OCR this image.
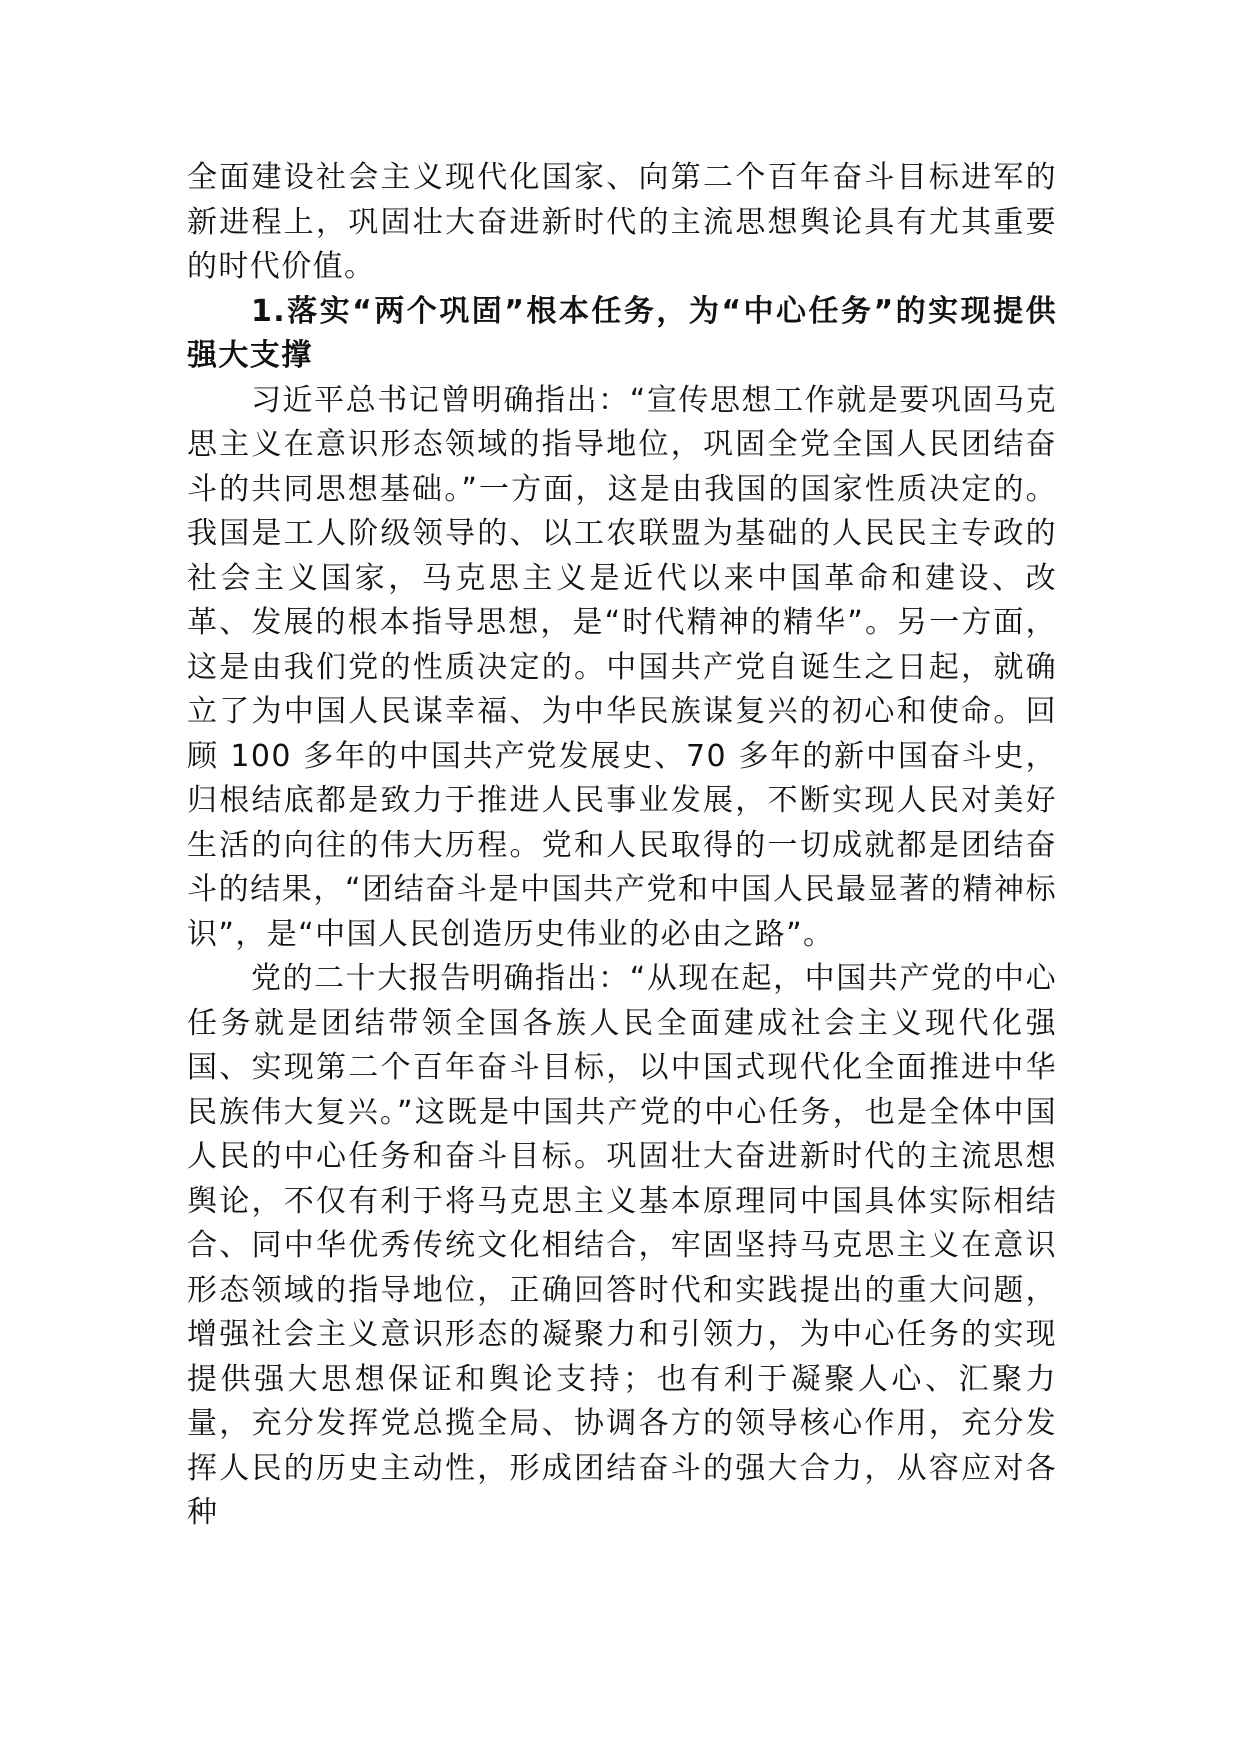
全面建设社会主义现代化国家、向第二个百年奋斗目标进军的新进程上，巩固壮大奋进新时代的主流思想舆论具有尤其重要的时代价值。

1.落实“两个巩固”根本任务，为“中心任务”的实现提供强大支撑

习近平总书记曾明确指出：“宣传思想工作就是要巩固马克思主义在意识形态领域的指导地位，巩固全党全国人民团结奋斗的共同思想基础。”一方面，这是由我国的国家性质决定的。我国是工人阶级领导的、以工农联盟为基础的人民民主专政的社会主义国家，马克思主义是近代以来中国革命和建设、改革、发展的根本指导思想，是“时代精神的精华”。另一方面，这是由我们党的性质决定的。中国共产党自诞生之日起，就确立了为中国人民谋幸福、为中华民族谋复兴的初心和使命。回顾 100 多年的中国共产党发展史、70 多年的新中国奋斗史，归根结底都是致力于推进人民事业发展，不断实现人民对美好生活的向往的伟大历程。党和人民取得的一切成就都是团结奋斗的结果，“团结奋斗是中国共产党和中国人民最显著的精神标识”，是“中国人民创造历史伟业的必由之路”。

党的二十大报告明确指出：“从现在起，中国共产党的中心任务就是团结带领全国各族人民全面建成社会主义现代化强国、实现第二个百年奋斗目标，以中国式现代化全面推进中华民族伟大复兴。”这既是中国共产党的中心任务，也是全体中国人民的中心任务和奋斗目标。巩固壮大奋进新时代的主流思想舆论，不仅有利于将马克思主义基本原理同中国具体实际相结合、同中华优秀传统文化相结合，牢固坚持马克思主义在意识形态领域的指导地位，正确回答时代和实践提出的重大问题，增强社会主义意识形态的凝聚力和引领力，为中心任务的实现提供强大思想保证和舆论支持；也有利于凝聚人心、汇聚力量，充分发挥党总揽全局、协调各方的领导核心作用，充分发挥人民的历史主动性，形成团结奋斗的强大合力，从容应对各种
